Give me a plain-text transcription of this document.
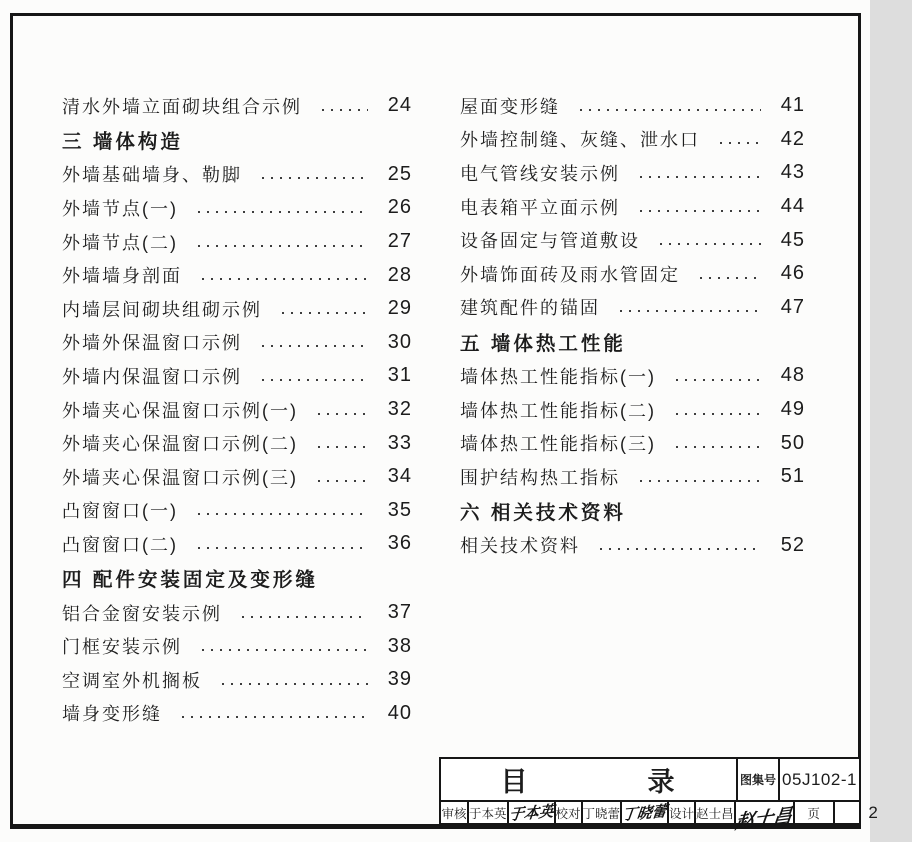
清水外墙立面砌块组合示例	24
三 墙体构造
外墙基础墙身、勒脚	25
外墙节点(一)	26
外墙节点(二)	27
外墙墙身剖面	28
内墙层间砌块组砌示例	29
外墙外保温窗口示例	30
外墙内保温窗口示例	31
外墙夹心保温窗口示例(一)	32
外墙夹心保温窗口示例(二)	33
外墙夹心保温窗口示例(三)	34
凸窗窗口(一)	35
凸窗窗口(二)	36
四 配件安装固定及变形缝
铝合金窗安装示例	37
门框安装示例	38
空调室外机搁板	39
墙身变形缝	40
屋面变形缝	41
外墙控制缝、灰缝、泄水口	42
电气管线安装示例	43
电表箱平立面示例	44
设备固定与管道敷设	45
外墙饰面砖及雨水管固定	46
建筑配件的锚固	47
五 墙体热工性能
墙体热工性能指标(一)	48
墙体热工性能指标(二)	49
墙体热工性能指标(三)	50
围护结构热工指标	51
六 相关技术资料
相关技术资料	52
目	录	图集号 05J102-1
审核 于本英 于本英 校对 丁晓蕾 丁晓蕾 设计 赵士昌 赵士昌	页	2
